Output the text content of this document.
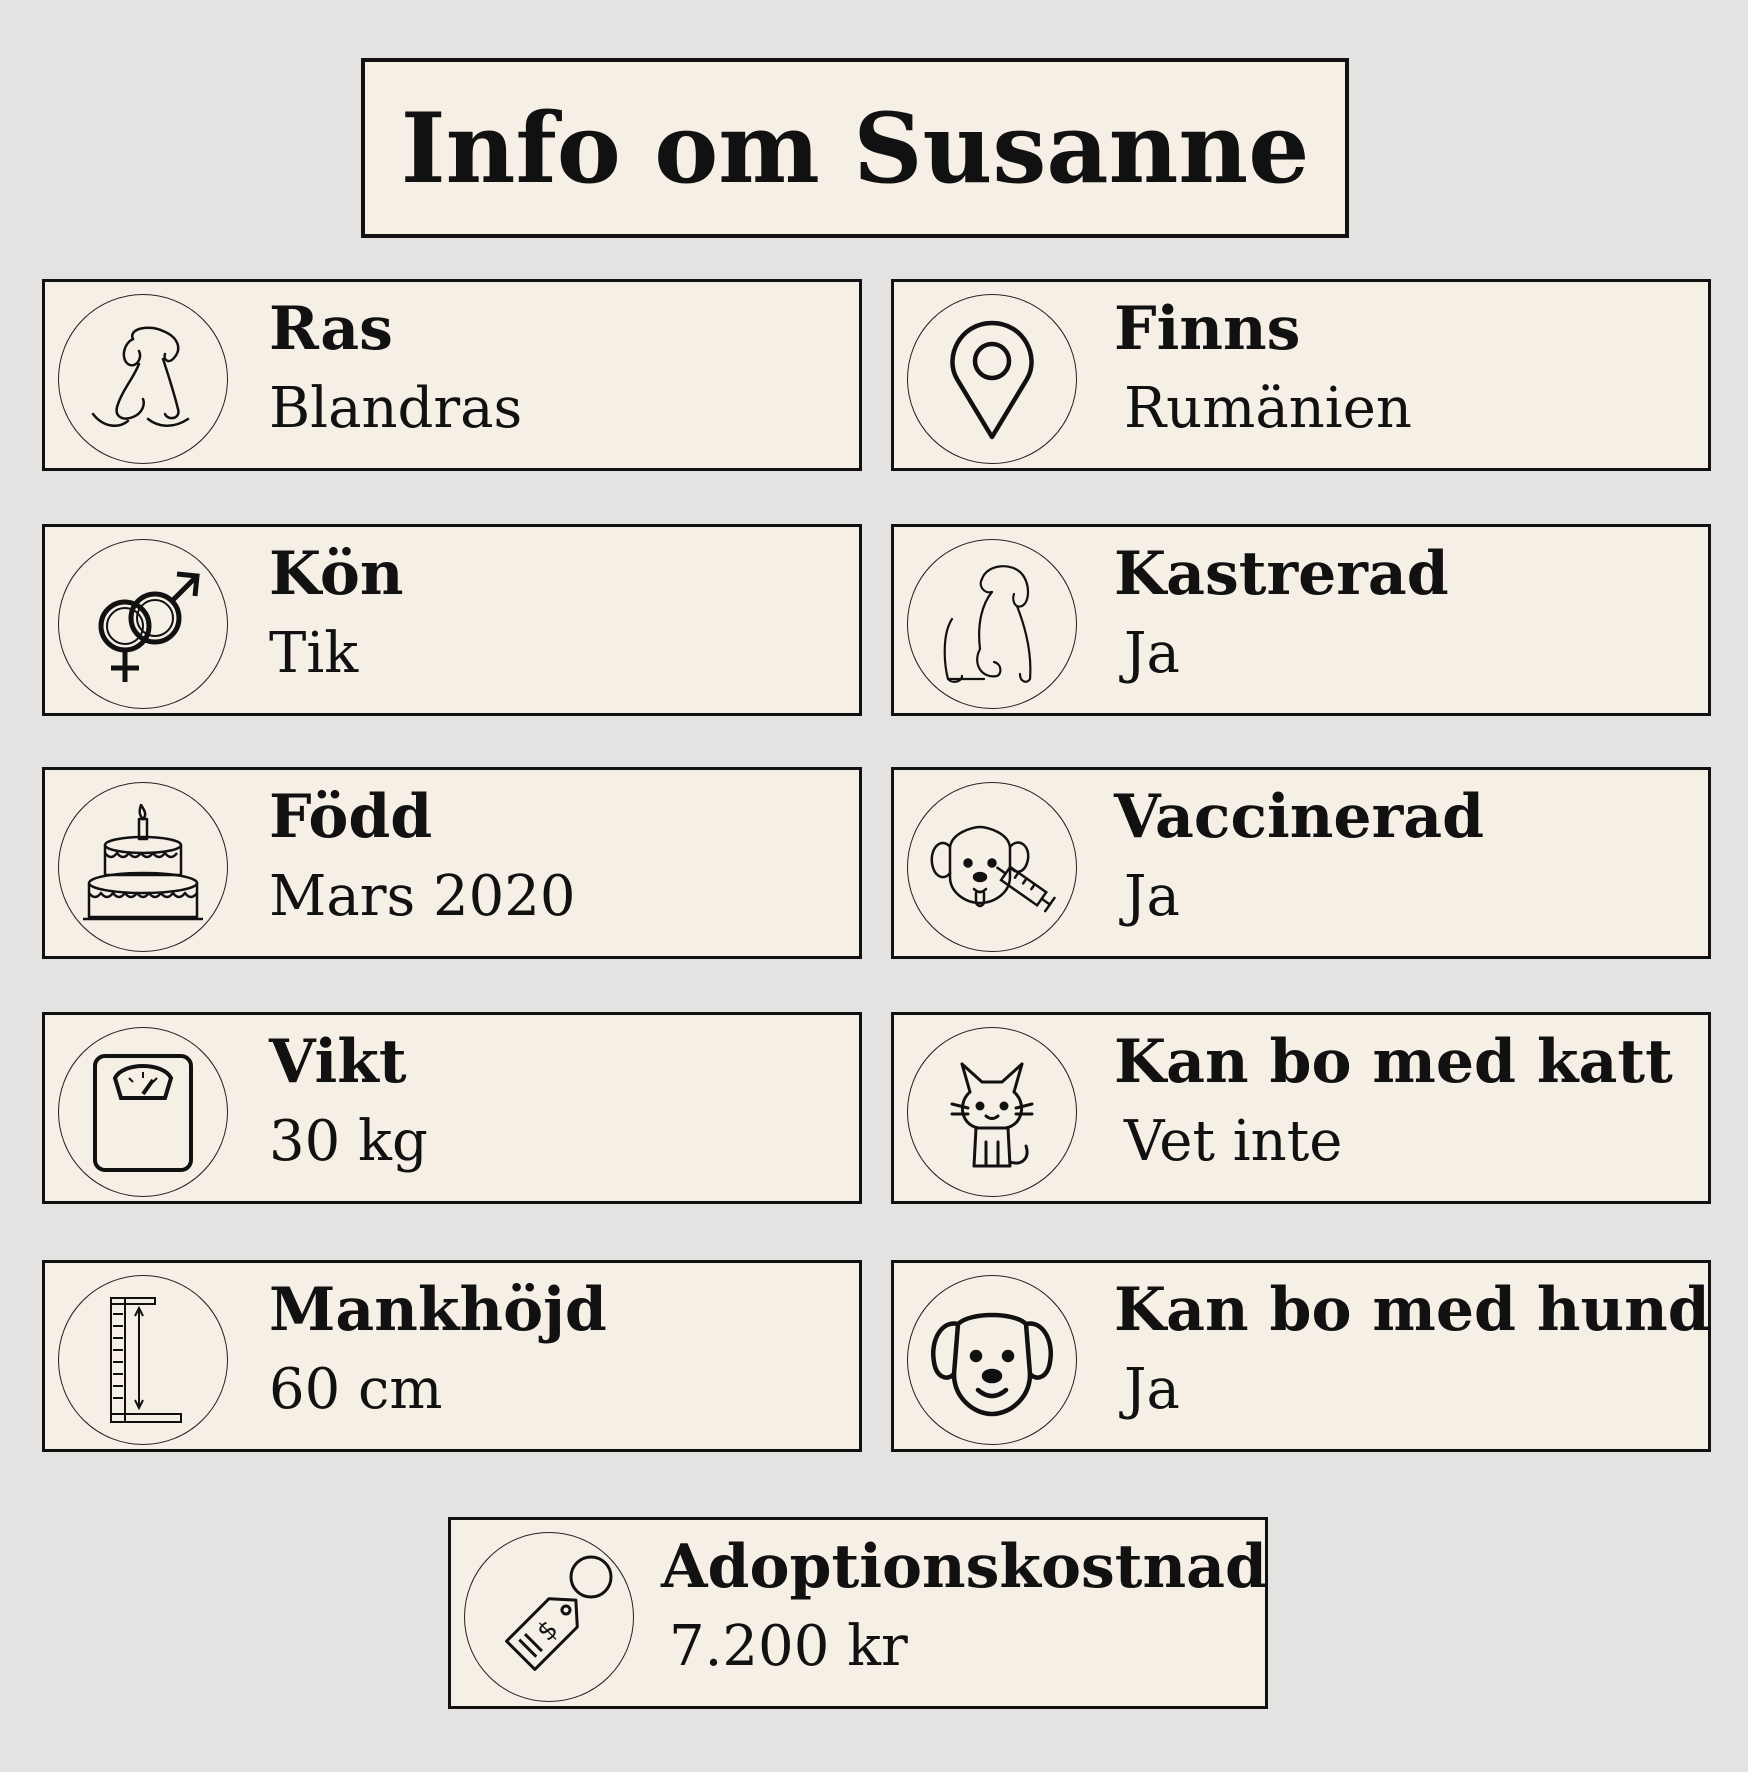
Info om Susanne
Ras
Blandras
Finns
Rumänien
Kön
Tik
Kastrerad
Ja
Född
Mars 2020
Vaccinerad
Ja
Vikt
30 kg
Kan bo med katt
Vet inte
Mankhöjd
60 cm
Kan bo med hund
Ja
$
Adoptionskostnad
7.200 kr
